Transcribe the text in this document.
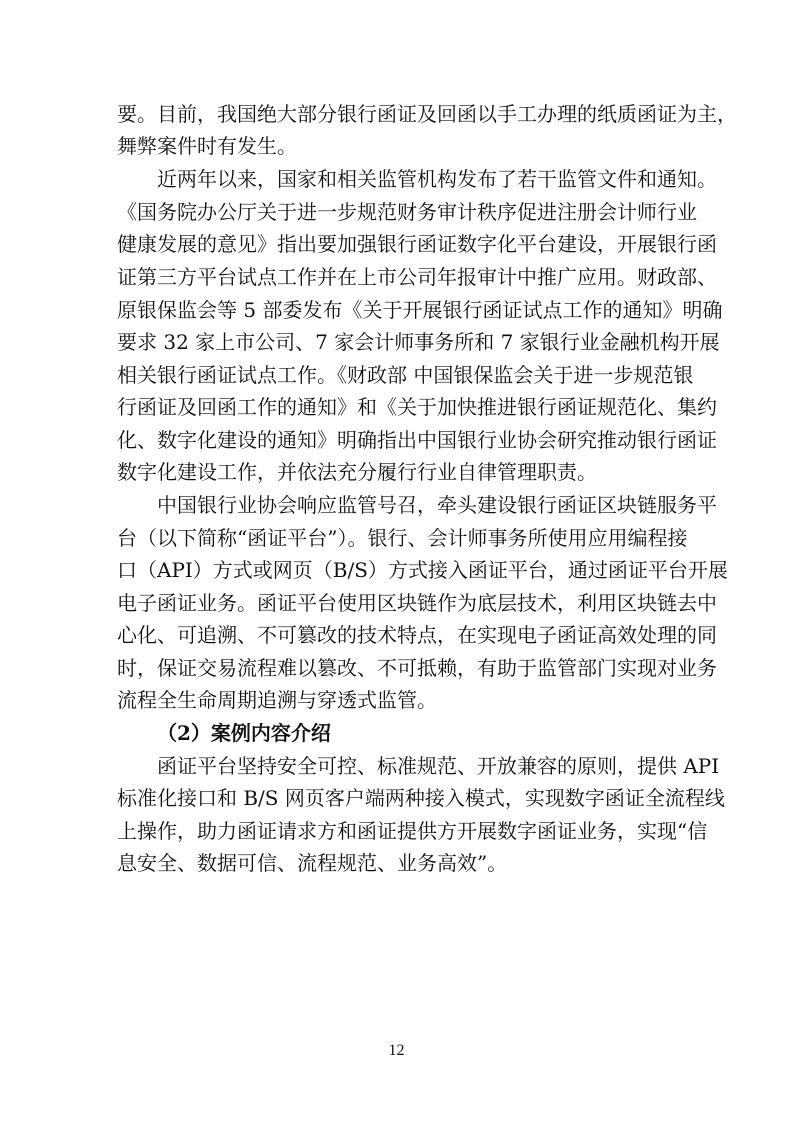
要。目前，我国绝大部分银行函证及回函以手工办理的纸质函证为主，
舞弊案件时有发生。
近两年以来，国家和相关监管机构发布了若干监管文件和通知。
《国务院办公厅关于进一步规范财务审计秩序促进注册会计师行业
健康发展的意见》指出要加强银行函证数字化平台建设，开展银行函
证第三方平台试点工作并在上市公司年报审计中推广应用。财政部、
原银保监会等 5 部委发布《关于开展银行函证试点工作的通知》明确
要求 32 家上市公司、7 家会计师事务所和 7 家银行业金融机构开展
相关银行函证试点工作。《财政部 中国银保监会关于进一步规范银
行函证及回函工作的通知》和《关于加快推进银行函证规范化、集约
化、数字化建设的通知》明确指出中国银行业协会研究推动银行函证
数字化建设工作，并依法充分履行行业自律管理职责。
中国银行业协会响应监管号召，牵头建设银行函证区块链服务平
台（以下简称“函证平台”）。银行、会计师事务所使用应用编程接
口（API）方式或网页（B/S）方式接入函证平台，通过函证平台开展
电子函证业务。函证平台使用区块链作为底层技术，利用区块链去中
心化、可追溯、不可篡改的技术特点，在实现电子函证高效处理的同
时，保证交易流程难以篡改、不可抵赖，有助于监管部门实现对业务
流程全生命周期追溯与穿透式监管。
（2）案例内容介绍
函证平台坚持安全可控、标准规范、开放兼容的原则，提供 API
标准化接口和 B/S 网页客户端两种接入模式，实现数字函证全流程线
上操作，助力函证请求方和函证提供方开展数字函证业务，实现“信
息安全、数据可信、流程规范、业务高效”。
12
